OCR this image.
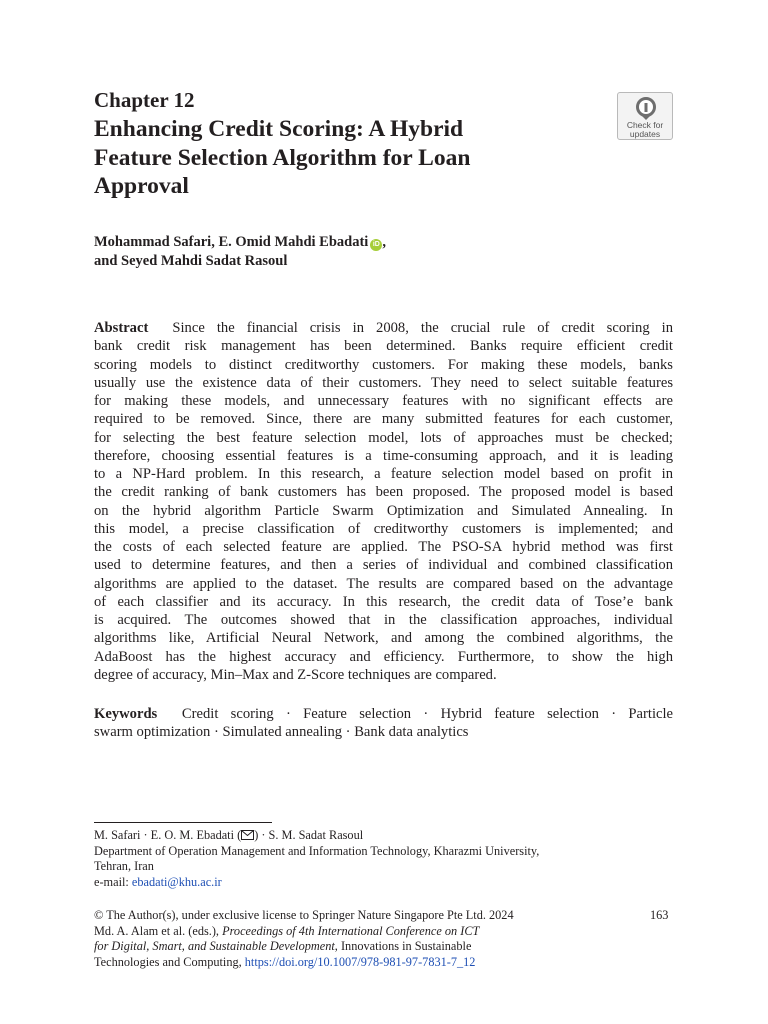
Chapter 12
Enhancing Credit Scoring: A Hybrid
Feature Selection Algorithm for Loan
Approval
Check for
updates
Mohammad Safari, E. Omid Mahdi Ebadati iD ,
and Seyed Mahdi Sadat Rasoul
Abstract Since the financial crisis in 2008, the crucial rule of credit scoring in
bank credit risk management has been determined. Banks require efficient credit
scoring models to distinct creditworthy customers. For making these models, banks
usually use the existence data of their customers. They need to select suitable features
for making these models, and unnecessary features with no significant effects are
required to be removed. Since, there are many submitted features for each customer,
for selecting the best feature selection model, lots of approaches must be checked;
therefore, choosing essential features is a time-consuming approach, and it is leading
to a NP-Hard problem. In this research, a feature selection model based on profit in
the credit ranking of bank customers has been proposed. The proposed model is based
on the hybrid algorithm Particle Swarm Optimization and Simulated Annealing. In
this model, a precise classification of creditworthy customers is implemented; and
the costs of each selected feature are applied. The PSO-SA hybrid method was first
used to determine features, and then a series of individual and combined classification
algorithms are applied to the dataset. The results are compared based on the advantage
of each classifier and its accuracy. In this research, the credit data of Tose’e bank
is acquired. The outcomes showed that in the classification approaches, individual
algorithms like, Artificial Neural Network, and among the combined algorithms, the
AdaBoost has the highest accuracy and efficiency. Furthermore, to show the high
degree of accuracy, Min–Max and Z-Score techniques are compared.
Keywords Credit scoring · Feature selection · Hybrid feature selection · Particle
swarm optimization · Simulated annealing · Bank data analytics
M. Safari · E. O. M. Ebadati ( ) · S. M. Sadat Rasoul
Department of Operation Management and Information Technology, Kharazmi University,
Tehran, Iran
e-mail: ebadati@khu.ac.ir
© The Author(s), under exclusive license to Springer Nature Singapore Pte Ltd. 2024
Md. A. Alam et al. (eds.), Proceedings of 4th International Conference on ICT
for Digital, Smart, and Sustainable Development, Innovations in Sustainable
Technologies and Computing, https://doi.org/10.1007/978-981-97-7831-7_12
163
